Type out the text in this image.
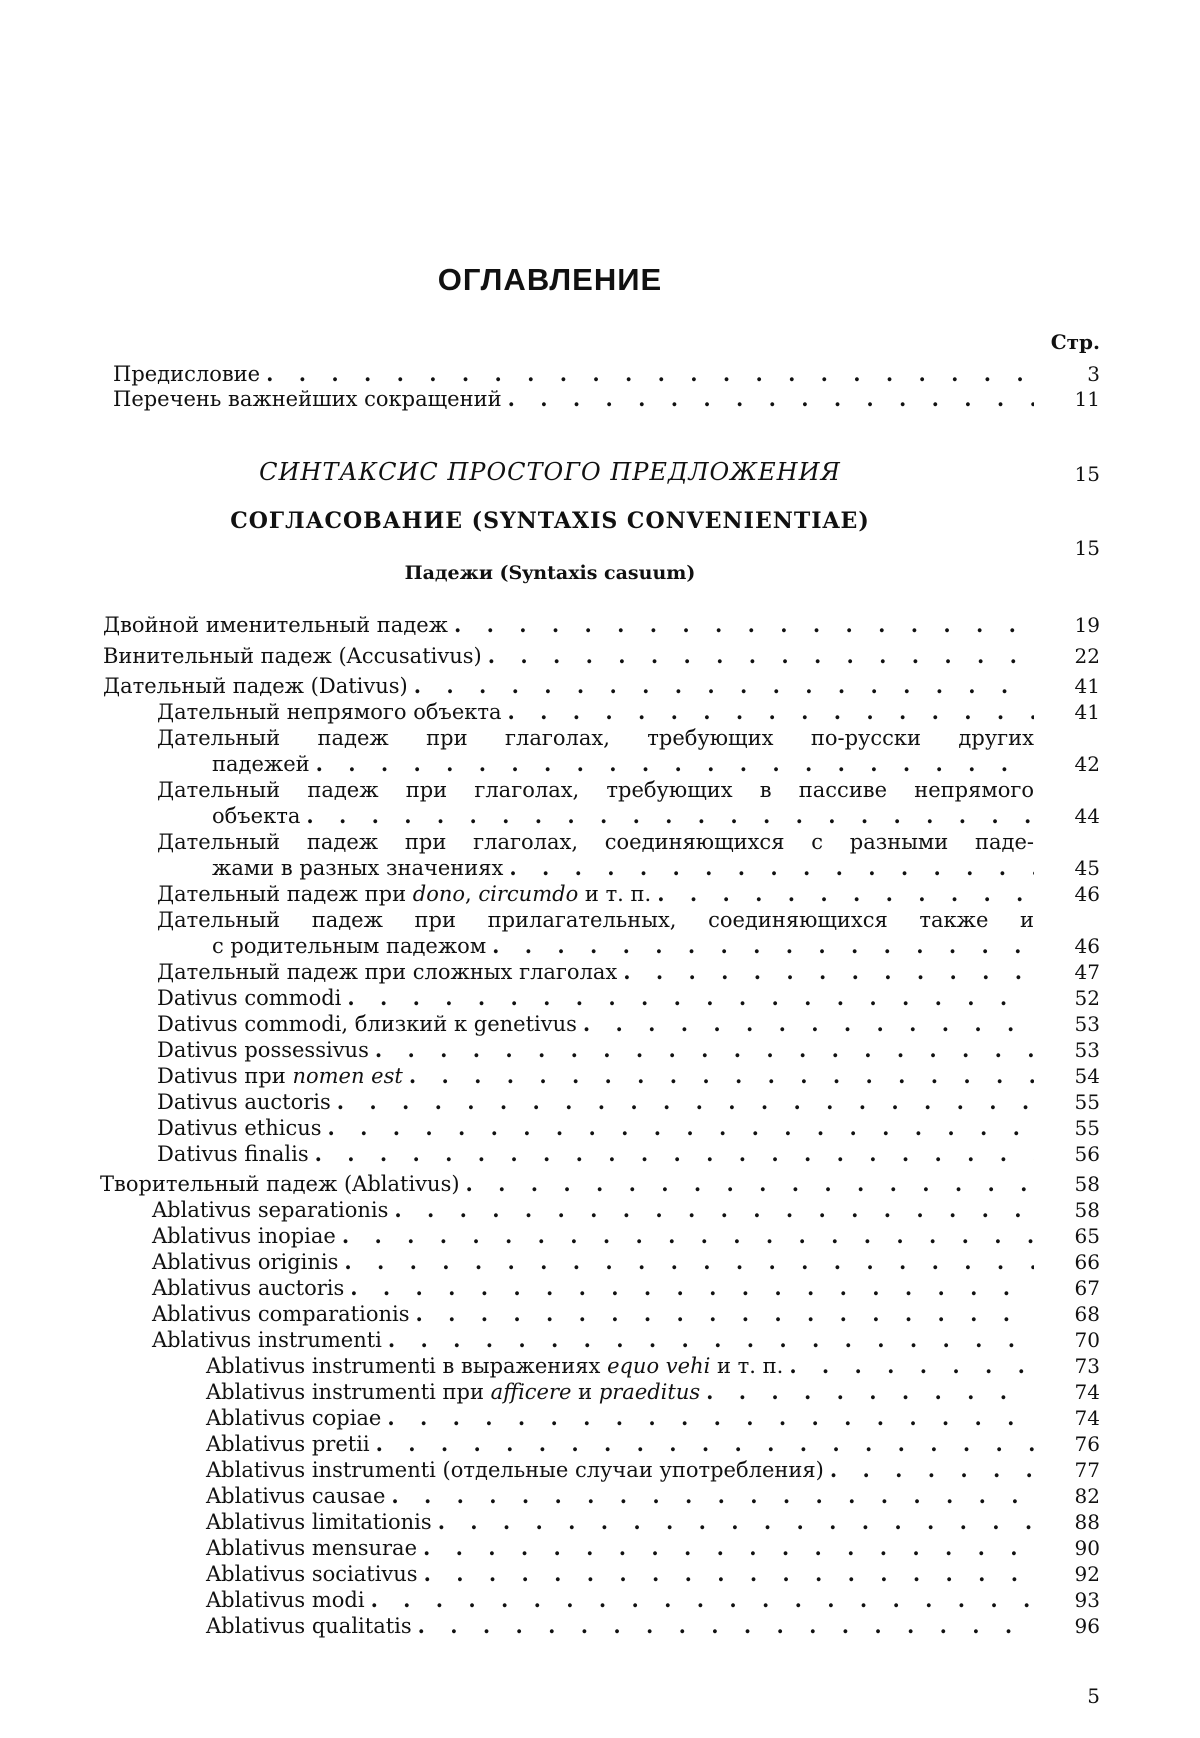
ОГЛАВЛЕНИЕ
Стр.
Предисловие . . .	3
Перечень важнейших сокращений . . .	11
СИНТАКСИС ПРОСТОГО ПРЕДЛОЖЕНИЯ	15
СОГЛАСОВАНИЕ (SYNTAXIS CONVENIENTIAE)
15
Падежи (Syntaxis casuum)
Двойной именительный падеж . . .	19
Винительный падеж (Accusativus) . . .	22
Дательный падеж (Dativus) . . .	41
Дательный непрямого объекта . . .	41
Дательный падеж при глаголах, требующих по-русски других
падежей . . .	42
Дательный падеж при глаголах, требующих в пассиве непрямого
объекта . . .	44
Дательный падеж при глаголах, соединяющихся с разными паде-
жами в разных значениях . . .	45
Дательный падеж при dono, circumdo и т. п. . . .	46
Дательный падеж при прилагательных, соединяющихся также и
с родительным падежом . . .	46
Дательный падеж при сложных глаголах . . .	47
Dativus commodi . . .	52
Dativus commodi, близкий к genetivus . . .	53
Dativus possessivus . . .	53
Dativus при nomen est . . .	54
Dativus auctoris . . .	55
Dativus ethicus . . .	55
Dativus finalis . . .	56
Творительный падеж (Ablativus) . . .	58
Ablativus separationis . . .	58
Ablativus inopiae . . .	65
Ablativus originis . . .	66
Ablativus auctoris . . .	67
Ablativus comparationis . . .	68
Ablativus instrumenti . . .	70
Ablativus instrumenti в выражениях equo vehi и т. п. . . .	73
Ablativus instrumenti при afficere и praeditus . . .	74
Ablativus copiae . . .	74
Ablativus pretii . . .	76
Ablativus instrumenti (отдельные случаи употребления) . . .	77
Ablativus causae . . .	82
Ablativus limitationis . . .	88
Ablativus mensurae . . .	90
Ablativus sociativus . . .	92
Ablativus modi . . .	93
Ablativus qualitatis . . .	96
5
